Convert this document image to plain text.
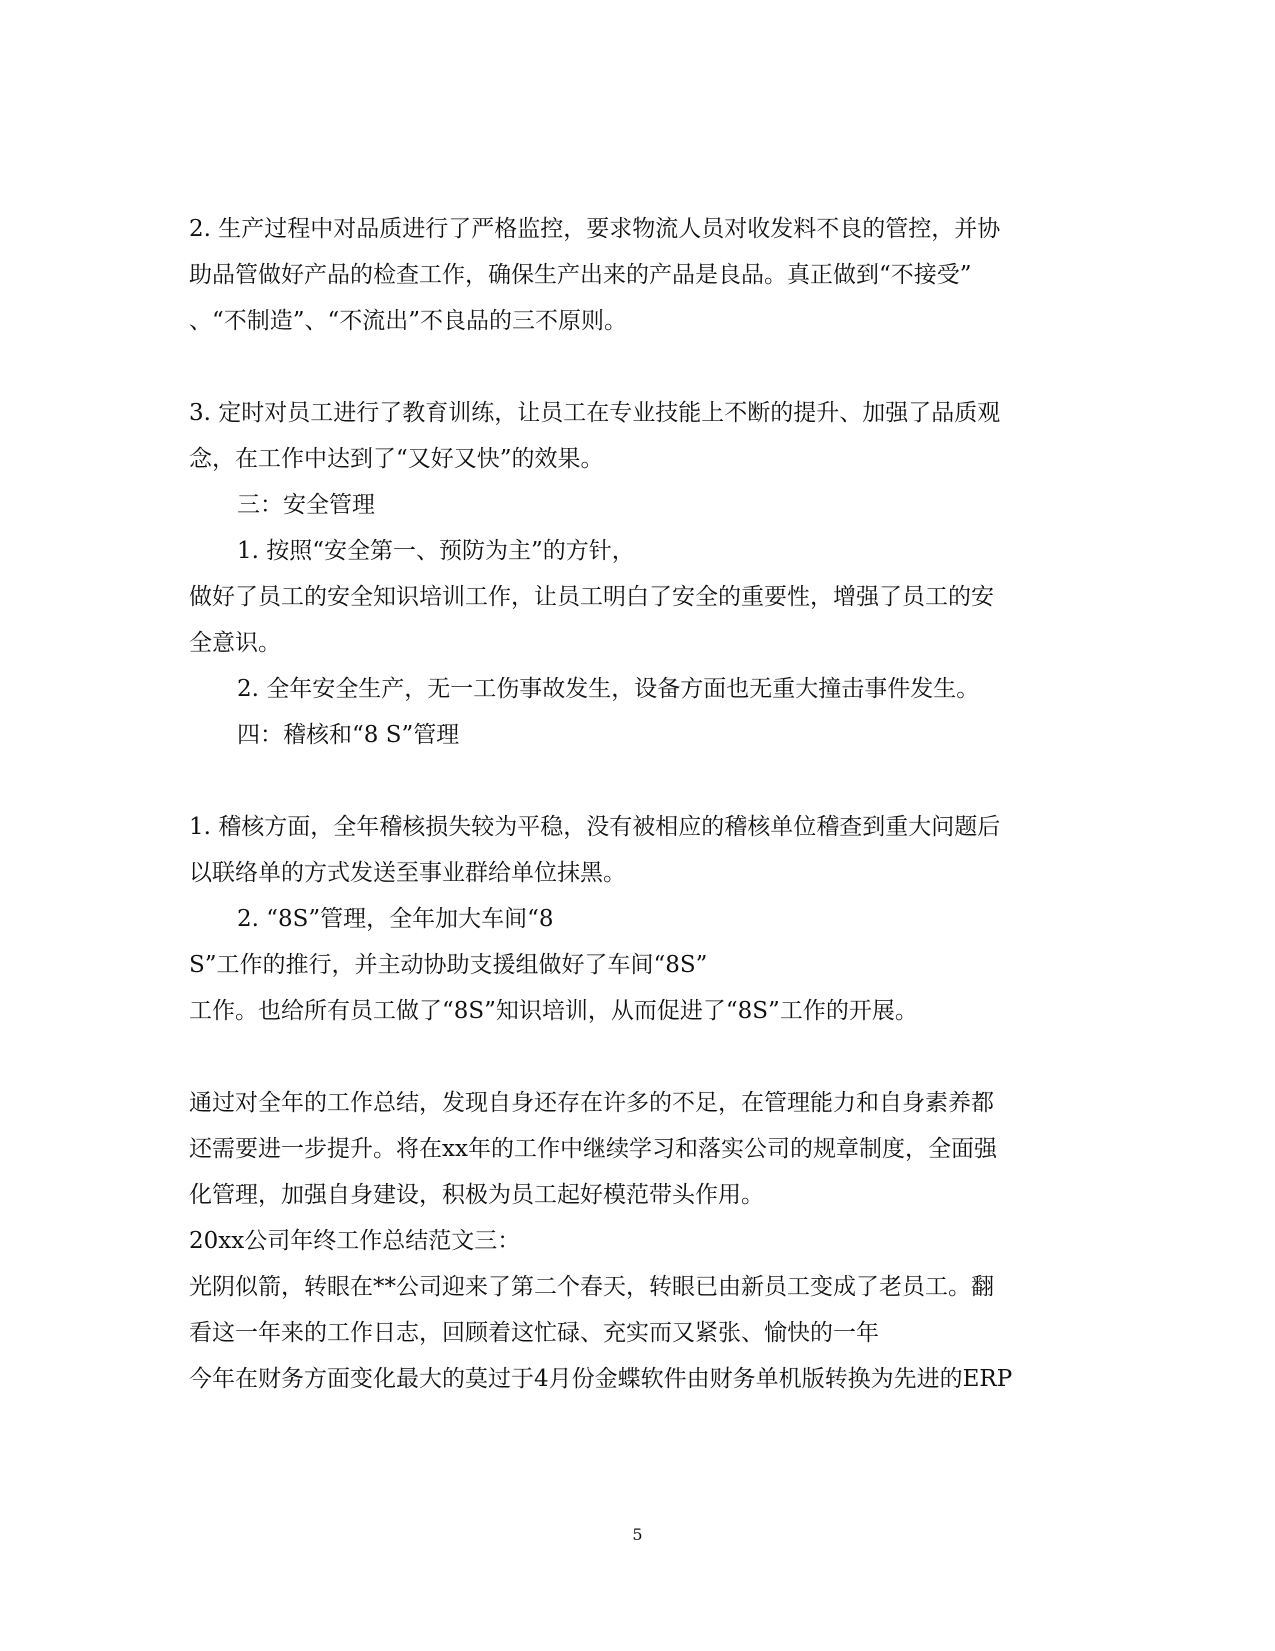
2. 生产过程中对品质进行了严格监控，要求物流人员对收发料不良的管控，并协
助品管做好产品的检查工作，确保生产出来的产品是良品。真正做到“不接受”
、“不制造”、“不流出”不良品的三不原则。
3. 定时对员工进行了教育训练，让员工在专业技能上不断的提升、加强了品质观
念，在工作中达到了“又好又快”的效果。
三：安全管理
1. 按照“安全第一、预防为主”的方针，
做好了员工的安全知识培训工作，让员工明白了安全的重要性，增强了员工的安
全意识。
2. 全年安全生产，无一工伤事故发生，设备方面也无重大撞击事件发生。
四：稽核和“8 S”管理
1. 稽核方面，全年稽核损失较为平稳，没有被相应的稽核单位稽查到重大问题后
以联络单的方式发送至事业群给单位抹黑。
2. “8S”管理，全年加大车间“8
S”工作的推行，并主动协助支援组做好了车间“8S”
工作。也给所有员工做了“8S”知识培训，从而促进了“8S”工作的开展。
通过对全年的工作总结，发现自身还存在许多的不足，在管理能力和自身素养都
还需要进一步提升。将在xx年的工作中继续学习和落实公司的规章制度，全面强
化管理，加强自身建设，积极为员工起好模范带头作用。
20xx公司年终工作总结范文三：
光阴似箭，转眼在**公司迎来了第二个春天，转眼已由新员工变成了老员工。翻
看这一年来的工作日志，回顾着这忙碌、充实而又紧张、愉快的一年
今年在财务方面变化最大的莫过于4月份金蝶软件由财务单机版转换为先进的ERP
5
